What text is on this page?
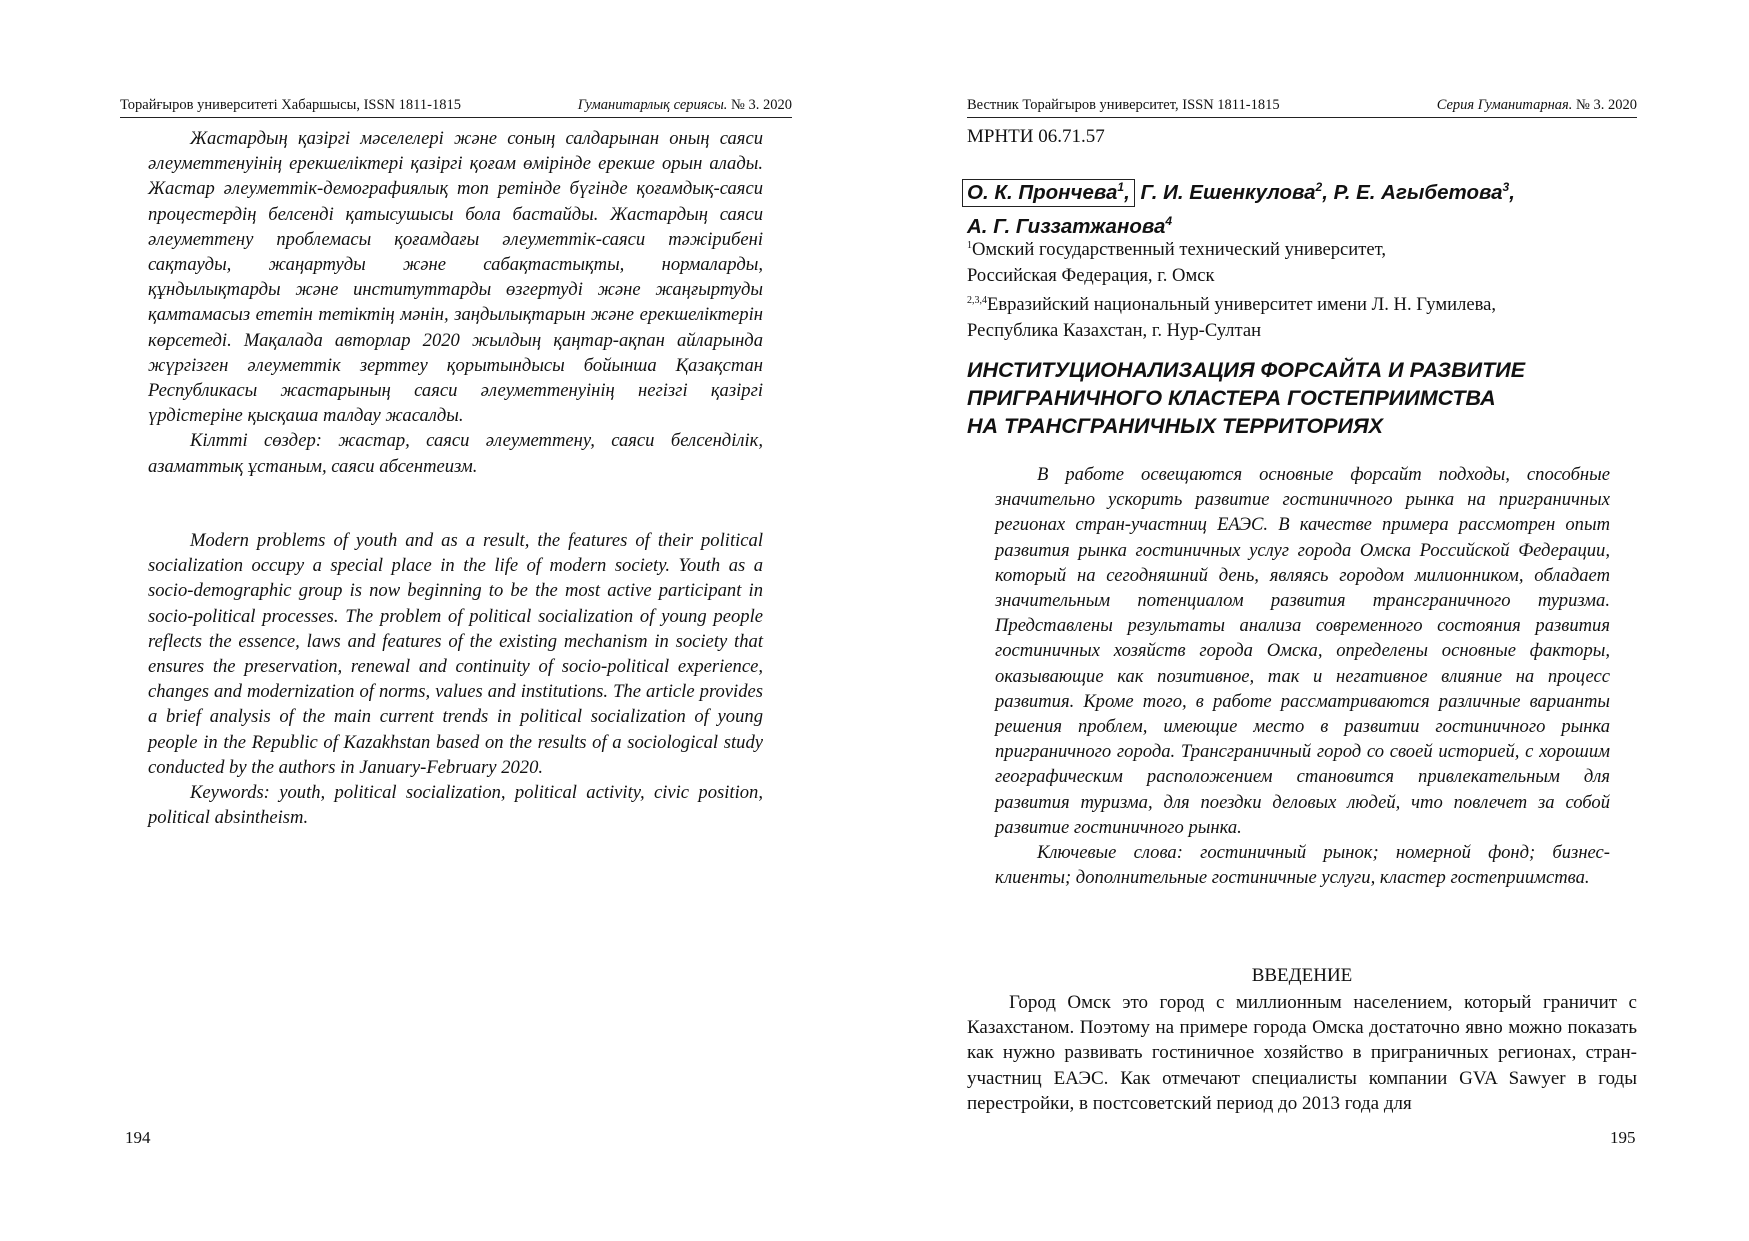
Торайғыров университеті Хабаршысы, ISSN 1811-1815	Гуманитарлық сериясы. № 3. 2020

Жастардың қазіргі мәселелері және соның салдарынан оның саяси әлеуметтенуінің ерекшеліктері қазіргі қоғам өмірінде ерекше орын алады. Жастар әлеуметтік-демографиялық топ ретінде бүгінде қоғамдық-саяси процестердің белсенді қатысушысы бола бастайды. Жастардың саяси әлеуметтену проблемасы қоғамдағы әлеуметтік-саяси тәжірибені сақтауды, жаңартуды және сабақтастықты, нормаларды, құндылықтарды және институттарды өзгертуді және жаңғыртуды қамтамасыз ететін тетіктің мәнін, заңдылықтарын және ерекшеліктерін көрсетеді. Мақалада авторлар 2020 жылдың қаңтар-ақпан айларында жүргізген әлеуметтік зерттеу қорытындысы бойынша Қазақстан Республикасы жастарының саяси әлеуметтенуінің негізгі қазіргі үрдістеріне қысқаша талдау жасалды.

Кілтті сөздер: жастар, саяси әлеуметтену, саяси белсенділік, азаматтық ұстаным, саяси абсентеизм.

Modern problems of youth and as a result, the features of their political socialization occupy a special place in the life of modern society. Youth as a socio-demographic group is now beginning to be the most active participant in socio-political processes. The problem of political socialization of young people reflects the essence, laws and features of the existing mechanism in society that ensures the preservation, renewal and continuity of socio-political experience, changes and modernization of norms, values and institutions. The article provides a brief analysis of the main current trends in political socialization of young people in the Republic of Kazakhstan based on the results of a sociological study conducted by the authors in January-February 2020.

Keywords: youth, political socialization, political activity, civic position, political absintheism.

194
Вестник Торайгыров университет, ISSN 1811-1815	Серия Гуманитарная. № 3. 2020
МРНТИ 06.71.57
О. К. Прончева$^1$, Г. И. Ешенкулова$^2$, Р. Е. Агыбетова$^3$,
А. Г. Гиззатжанова$^4$
$^1$Омский государственный технический университет,
Российская Федерация, г. Омск
$^{2,3,4}$Евразийский национальный университет имени Л. Н. Гумилева,
Республика Казахстан, г. Нур-Султан
ИНСТИТУЦИОНАЛИЗАЦИЯ ФОРСАЙТА И РАЗВИТИЕ
ПРИГРАНИЧНОГО КЛАСТЕРА ГОСТЕПРИИМСТВА
НА ТРАНСГРАНИЧНЫХ ТЕРРИТОРИЯХ

В работе освещаются основные форсайт подходы, способные значительно ускорить развитие гостиничного рынка на приграничных регионах стран-участниц ЕАЭС. В качестве примера рассмотрен опыт развития рынка гостиничных услуг города Омска Российской Федерации, который на сегодняшний день, являясь городом милионником, обладает значительным потенциалом развития трансграничного туризма. Представлены результаты анализа современного состояния развития гостиничных хозяйств города Омска, определены основные факторы, оказывающие как позитивное, так и негативное влияние на процесс развития. Кроме того, в работе рассматриваются различные варианты решения проблем, имеющие место в развитии гостиничного рынка приграничного города. Трансграничный город со своей историей, с хорошим географическим расположением становится привлекательным для развития туризма, для поездки деловых людей, что повлечет за собой развитие гостиничного рынка.

Ключевые слова: гостиничный рынок; номерной фонд; бизнес-клиенты; дополнительные гостиничные услуги, кластер гостеприимства.

ВВЕДЕНИЕ

Город Омск это город с миллионным населением, который граничит с Казахстаном. Поэтому на примере города Омска достаточно явно можно показать как нужно развивать гостиничное хозяйство в приграничных регионах, стран-участниц ЕАЭС. Как отмечают специалисты компании GVA Sawyer в годы перестройки, в постсоветский период до 2013 года для

195
